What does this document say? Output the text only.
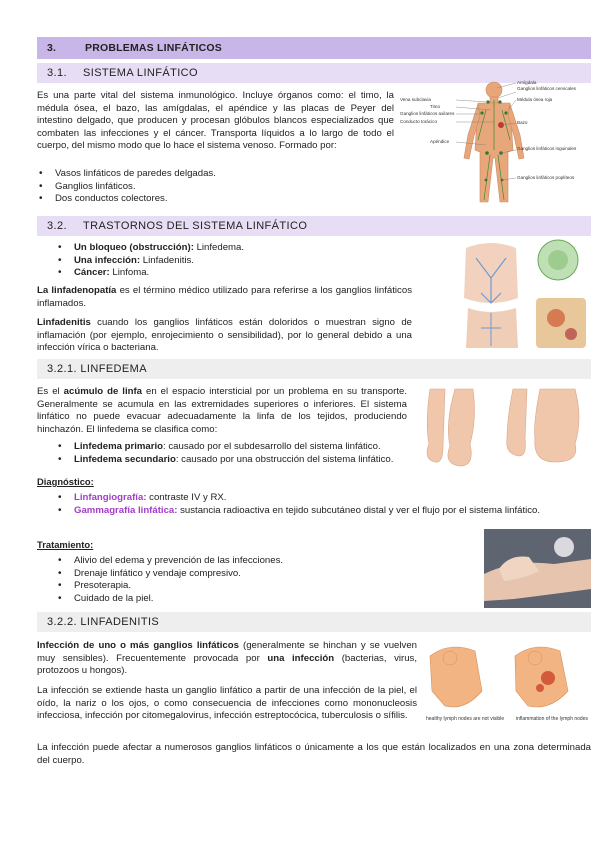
3.	PROBLEMAS LINFÁTICOS
3.1. SISTEMA LINFÁTICO
Es una parte vital del sistema inmunológico. Incluye órganos como: el timo, la médula ósea, el bazo, las amígdalas, el apéndice y las placas de Peyer del intestino delgado, que producen y procesan glóbulos blancos especializados que combaten las infecciones y el cáncer. Transporta líquidos a lo largo de todo el cuerpo, del mismo modo que lo hace el sistema venoso. Formado por:
• Vasos linfáticos de paredes delgadas.
• Ganglios linfáticos.
• Dos conductos colectores.
Amígdala
Ganglios linfáticos cervicales
Vena subclavia
Timo
Médula ósea roja
Ganglios linfáticos axilares
Conducto torácico	Bazo
Apéndice
Ganglios linfáticos inguinales
Ganglios linfáticos poplíteos
3.2. TRASTORNOS DEL SISTEMA LINFÁTICO
• Un bloqueo (obstrucción): Linfedema.
• Una infección: Linfadenitis.
• Cáncer: Linfoma.
La linfadenopatía es el término médico utilizado para referirse a los ganglios linfáticos inflamados.
Linfadenitis cuando los ganglios linfáticos están doloridos o muestran signo de inflamación (por ejemplo, enrojecimiento o sensibilidad), por lo general debido a una infección vírica o bacteriana.
3.2.1. LINFEDEMA
Es el acúmulo de linfa en el espacio intersticial por un problema en su transporte. Generalmente se acumula en las extremidades superiores o inferiores. El sistema linfático no puede evacuar adecuadamente la linfa de los tejidos, produciendo hinchazón. El linfedema se clasifica como:
• Linfedema primario: causado por el subdesarrollo del sistema linfático.
• Linfedema secundario: causado por una obstrucción del sistema linfático.
Diagnóstico:
• Linfangiografía: contraste IV y RX.
• Gammagrafía linfática: sustancia radioactiva en tejido subcutáneo distal y ver el flujo por el sistema linfático.
Tratamiento:
• Alivio del edema y prevención de las infecciones.
• Drenaje linfático y vendaje compresivo.
• Presoterapia.
• Cuidado de la piel.
3.2.2. LINFADENITIS
Infección de uno o más ganglios linfáticos (generalmente se hinchan y se vuelven muy sensibles). Frecuentemente provocada por una infección (bacterias, virus, protozoos u hongos).
La infección se extiende hasta un ganglio linfático a partir de una infección de la piel, el oído, la nariz o los ojos, o como consecuencia de infecciones como mononucleosis infecciosa, infección por citomegalovirus, infección estreptocócica, tuberculosis o sífilis.
La infección puede afectar a numerosos ganglios linfáticos o únicamente a los que están localizados en una zona determinada del cuerpo.
healthy lymph nodes are not visible inflammation of the lymph nodes
